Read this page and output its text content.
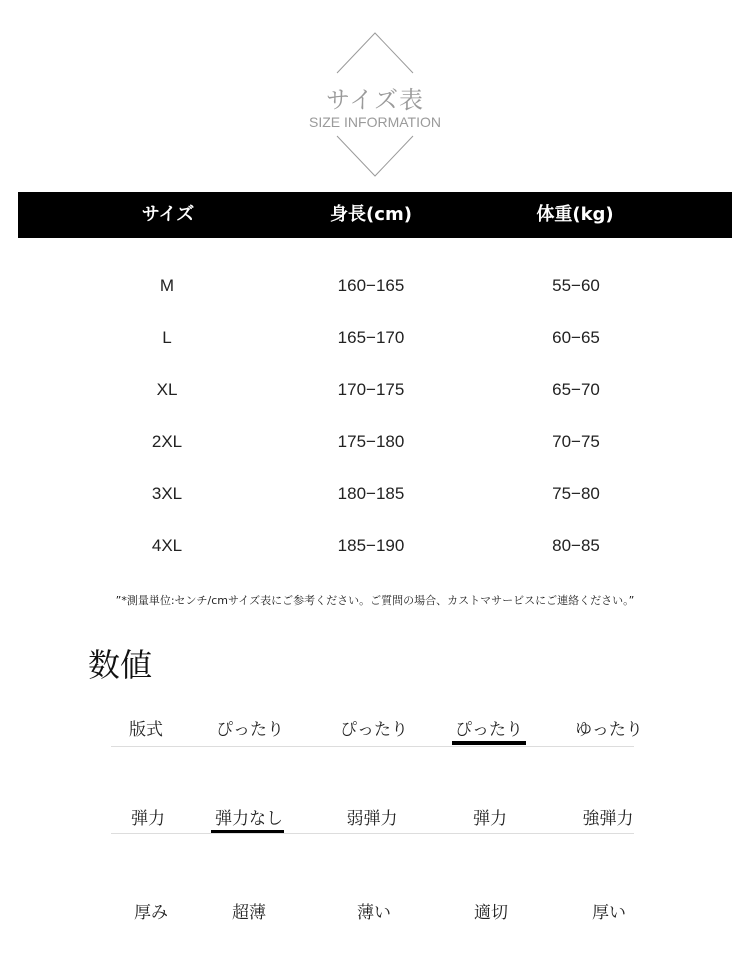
サイズ表
SIZE INFORMATION
サイズ	身長(cm)	体重(kg)
M	160−165	55−60
L	165−170	60−65
XL	170−175	65−70
2XL	175−180	70−75
3XL	180−185	75−80
4XL	185−190	80−85
”*測量単位:センチ/cmサイズ表にご参考ください。ご質問の場合、カストマサービスにご連絡ください。”
数値
版式	ぴったり	ぴったり	ぴったり	ゆったり
弾力	弾力なし	弱弾力	弾力	強弾力
厚み	超薄	薄い	適切	厚い
